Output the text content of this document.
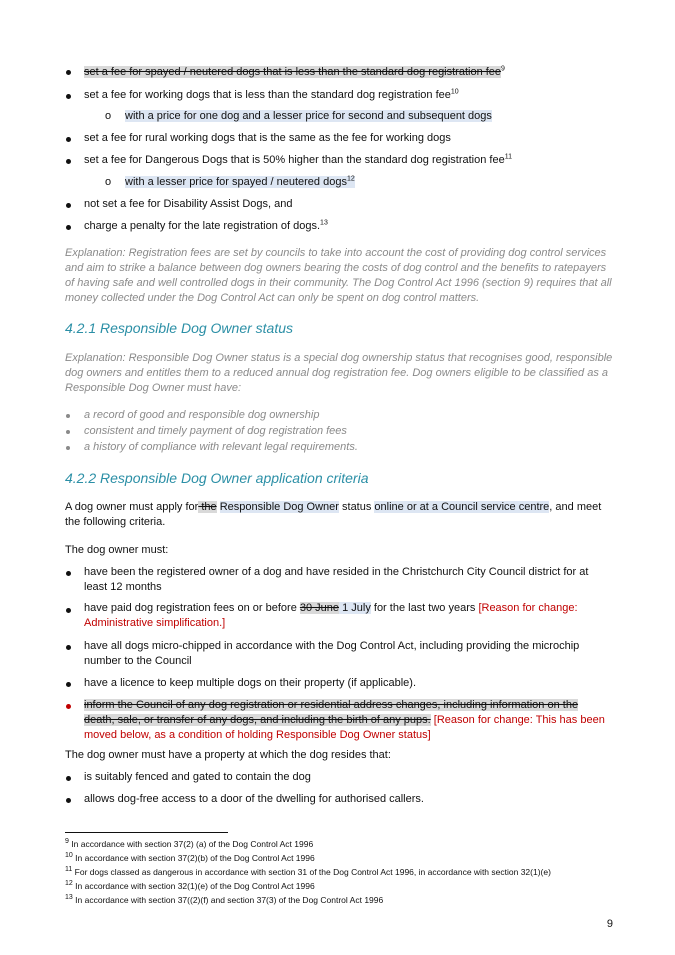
set a fee for spayed / neutered dogs that is less than the standard dog registration fee$^9$
set a fee for working dogs that is less than the standard dog registration fee$^{10}$
o with a price for one dog and a lesser price for second and subsequent dogs
set a fee for rural working dogs that is the same as the fee for working dogs
set a fee for Dangerous Dogs that is 50% higher than the standard dog registration fee$^{11}$
o with a lesser price for spayed / neutered dogs$^{12}$
not set a fee for Disability Assist Dogs, and
charge a penalty for the late registration of dogs.$^{13}$
Explanation: Registration fees are set by councils to take into account the cost of providing dog control services
and aim to strike a balance between dog owners bearing the costs of dog control and the benefits to ratepayers
of having safe and well controlled dogs in their community. The Dog Control Act 1996 (section 9) requires that all
money collected under the Dog Control Act can only be spent on dog control matters.
4.2.1 Responsible Dog Owner status
Explanation: Responsible Dog Owner status is a special dog ownership status that recognises good, responsible
dog owners and entitles them to a reduced annual dog registration fee. Dog owners eligible to be classified as a
Responsible Dog Owner must have:
a record of good and responsible dog ownership
consistent and timely payment of dog registration fees
a history of compliance with relevant legal requirements.
4.2.2 Responsible Dog Owner application criteria
A dog owner must apply for the Responsible Dog Owner status online or at a Council service centre, and meet
the following criteria.
The dog owner must:
have been the registered owner of a dog and have resided in the Christchurch City Council district for at
least 12 months
have paid dog registration fees on or before 30 June 1 July for the last two years [Reason for change:
Administrative simplification.]
have all dogs micro-chipped in accordance with the Dog Control Act, including providing the microchip
number to the Council
have a licence to keep multiple dogs on their property (if applicable).
inform the Council of any dog registration or residential address changes, including information on the
death, sale, or transfer of any dogs, and including the birth of any pups. [Reason for change: This has been
moved below, as a condition of holding Responsible Dog Owner status]
The dog owner must have a property at which the dog resides that:
is suitably fenced and gated to contain the dog
allows dog-free access to a door of the dwelling for authorised callers.
$^9$ In accordance with section 37(2) (a) of the Dog Control Act 1996
$^{10}$ In accordance with section 37(2)(b) of the Dog Control Act 1996
$^{11}$ For dogs classed as dangerous in accordance with section 31 of the Dog Control Act 1996, in accordance with section 32(1)(e)
$^{12}$ In accordance with section 32(1)(e) of the Dog Control Act 1996
$^{13}$ In accordance with section 37((2)(f) and section 37(3) of the Dog Control Act 1996
9
